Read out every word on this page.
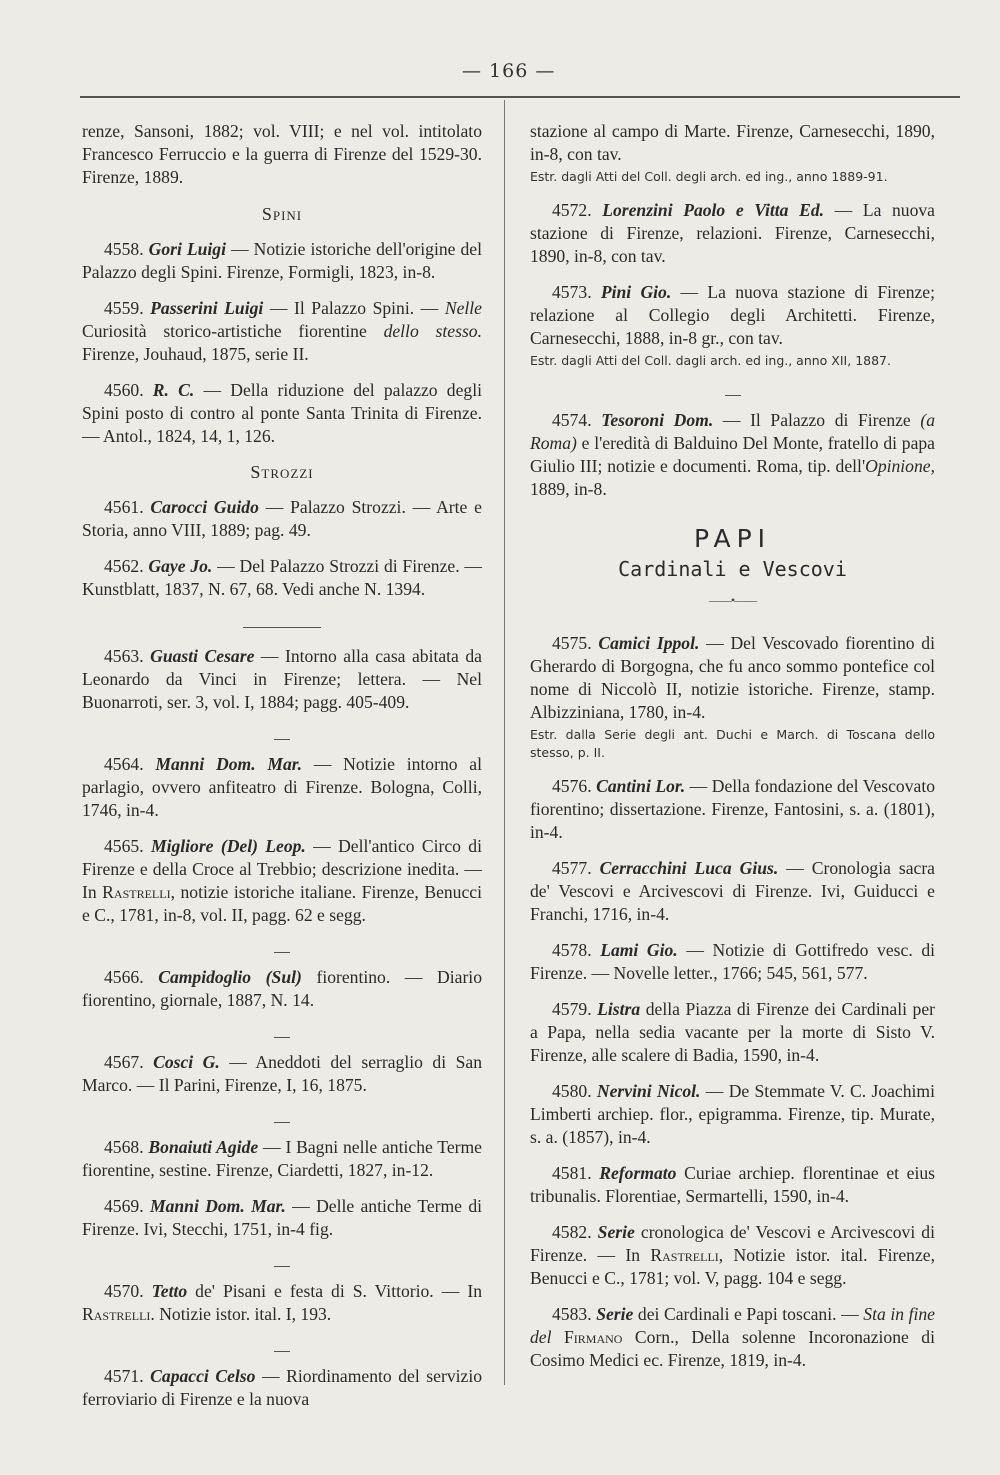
— 166 —

renze, Sansoni, 1882; vol. VIII; e nel vol. intitolato Francesco Ferruccio e la guerra di Firenze del 1529-30. Firenze, 1889.

Spini

4558. Gori Luigi — Notizie istoriche dell'origine del Palazzo degli Spini. Firenze, Formigli, 1823, in-8.

4559. Passerini Luigi — Il Palazzo Spini. — Nelle Curiosità storico-artistiche fiorentine dello stesso. Firenze, Jouhaud, 1875, serie II.

4560. R. C. — Della riduzione del palazzo degli Spini posto di contro al ponte Santa Trinita di Firenze. — Antol., 1824, 14, 1, 126.

Strozzi

4561. Carocci Guido — Palazzo Strozzi. — Arte e Storia, anno VIII, 1889; pag. 49.

4562. Gaye Jo. — Del Palazzo Strozzi di Firenze. — Kunstblatt, 1837, N. 67, 68. Vedi anche N. 1394.

4563. Guasti Cesare — Intorno alla casa abitata da Leonardo da Vinci in Firenze; lettera. — Nel Buonarroti, ser. 3, vol. I, 1884; pagg. 405-409.

4564. Manni Dom. Mar. — Notizie intorno al parlagio, ovvero anfiteatro di Firenze. Bologna, Colli, 1746, in-4.

4565. Migliore (Del) Leop. — Dell'antico Circo di Firenze e della Croce al Trebbio; descrizione inedita. — In Rastrelli, notizie istoriche italiane. Firenze, Benucci e C., 1781, in-8, vol. II, pagg. 62 e segg.

4566. Campidoglio (Sul) fiorentino. — Diario fiorentino, giornale, 1887, N. 14.

4567. Cosci G. — Aneddoti del serraglio di San Marco. — Il Parini, Firenze, I, 16, 1875.

4568. Bonaiuti Agide — I Bagni nelle antiche Terme fiorentine, sestine. Firenze, Ciardetti, 1827, in-12.

4569. Manni Dom. Mar. — Delle antiche Terme di Firenze. Ivi, Stecchi, 1751, in-4 fig.

4570. Tetto de' Pisani e festa di S. Vittorio. — In Rastrelli. Notizie istor. ital. I, 193.

4571. Capacci Celso — Riordinamento del servizio ferroviario di Firenze e la nuova

stazione al campo di Marte. Firenze, Carnesecchi, 1890, in-8, con tav.

Estr. dagli Atti del Coll. degli arch. ed ing., anno 1889-91.

4572. Lorenzini Paolo e Vitta Ed. — La nuova stazione di Firenze, relazioni. Firenze, Carnesecchi, 1890, in-8, con tav.

4573. Pini Gio. — La nuova stazione di Firenze; relazione al Collegio degli Architetti. Firenze, Carnesecchi, 1888, in-8 gr., con tav.

Estr. dagli Atti del Coll. dagli arch. ed ing., anno XII, 1887.

4574. Tesoroni Dom. — Il Palazzo di Firenze (a Roma) e l'eredità di Balduino Del Monte, fratello di papa Giulio III; notizie e documenti. Roma, tip. dell'Opinione, 1889, in-8.

PAPI
Cardinali e Vescovi
——•——

4575. Camici Ippol. — Del Vescovado fiorentino di Gherardo di Borgogna, che fu anco sommo pontefice col nome di Niccolò II, notizie istoriche. Firenze, stamp. Albizziniana, 1780, in-4.

Estr. dalla Serie degli ant. Duchi e March. di Toscana dello stesso, p. II.

4576. Cantini Lor. — Della fondazione del Vescovato fiorentino; dissertazione. Firenze, Fantosini, s. a. (1801), in-4.

4577. Cerracchini Luca Gius. — Cronologia sacra de' Vescovi e Arcivescovi di Firenze. Ivi, Guiducci e Franchi, 1716, in-4.

4578. Lami Gio. — Notizie di Gottifredo vesc. di Firenze. — Novelle letter., 1766; 545, 561, 577.

4579. Listra della Piazza di Firenze dei Cardinali per a Papa, nella sedia vacante per la morte di Sisto V. Firenze, alle scalere di Badia, 1590, in-4.

4580. Nervini Nicol. — De Stemmate V. C. Joachimi Limberti archiep. flor., epigramma. Firenze, tip. Murate, s. a. (1857), in-4.

4581. Reformato Curiae archiep. florentinae et eius tribunalis. Florentiae, Sermartelli, 1590, in-4.

4582. Serie cronologica de' Vescovi e Arcivescovi di Firenze. — In Rastrelli, Notizie istor. ital. Firenze, Benucci e C., 1781; vol. V, pagg. 104 e segg.

4583. Serie dei Cardinali e Papi toscani. — Sta in fine del Firmano Corn., Della solenne Incoronazione di Cosimo Medici ec. Firenze, 1819, in-4.
